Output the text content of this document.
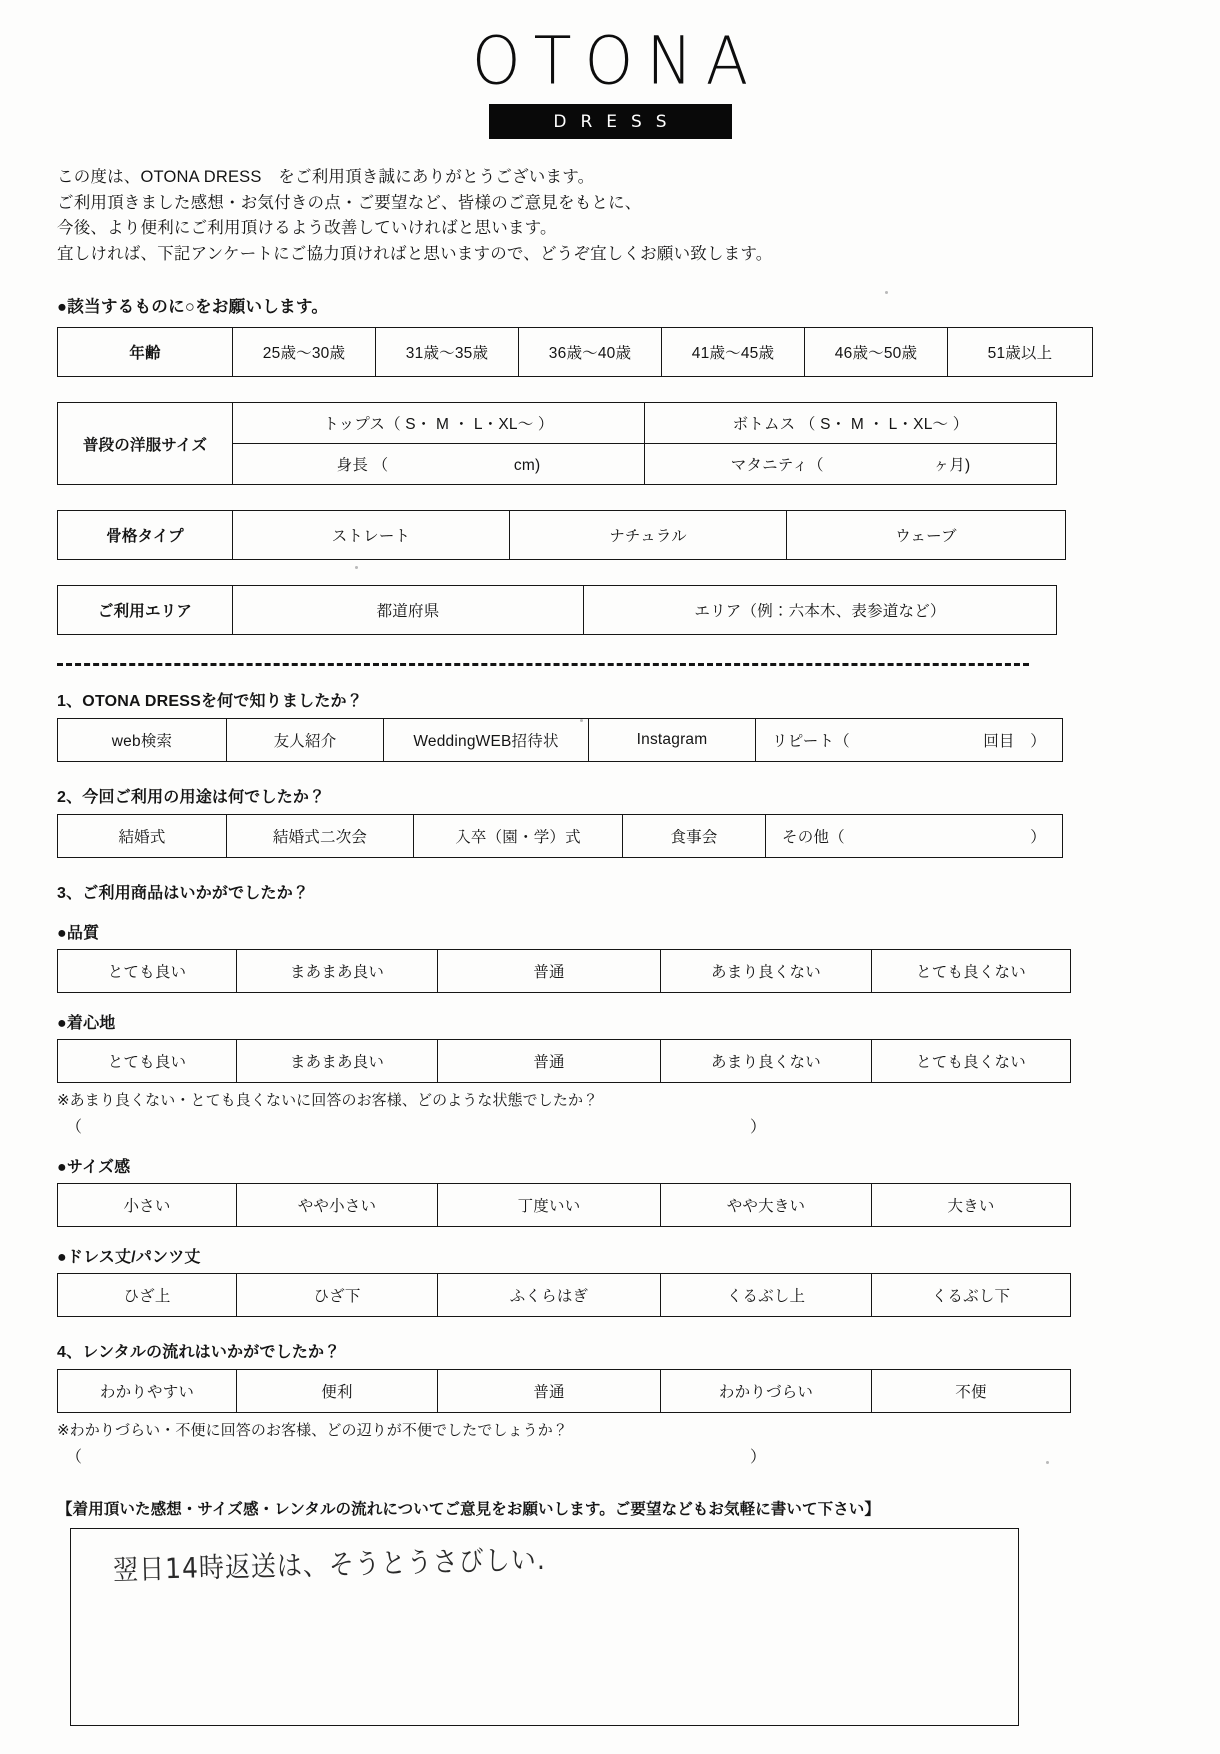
OTONA
DRESS
この度は、OTONA DRESS　をご利用頂き誠にありがとうございます。
ご利用頂きました感想・お気付きの点・ご要望など、皆様のご意見をもとに、
今後、より便利にご利用頂けるよう改善していければと思います。
宜しければ、下記アンケートにご協力頂ければと思いますので、どうぞ宜しくお願い致します。
●該当するものに○をお願いします。
年齢	25歳〜30歳	31歳〜35歳	36歳〜40歳	41歳〜45歳	46歳〜50歳	51歳以上
普段の洋服サイズ	トップス（ S・ M ・ L・XL〜 ）	ボトムス （ S・ M ・ L・XL〜 ）
	身長 （　　　　　　　　cm)	マタニティ（　　　　　　　ヶ月)
骨格タイプ	ストレート	ナチュラル	ウェーブ
ご利用エリア	都道府県	エリア（例：六本木、表参道など）
1、OTONA DRESSを何で知りましたか？
web検索	友人紹介	WeddingWEB招待状	Instagram	リピート（	回目　）
2、今回ご利用の用途は何でしたか？
結婚式	結婚式二次会	入卒（園・学）式	食事会	その他（	）
3、ご利用商品はいかがでしたか？
●品質
とても良い	まあまあ良い	普通	あまり良くない	とても良くない
●着心地
とても良い	まあまあ良い	普通	あまり良くない	とても良くない
※あまり良くない・とても良くないに回答のお客様、どのような状態でしたか？
（	）
●サイズ感
小さい	やや小さい	丁度いい	やや大きい	大きい
●ドレス丈/パンツ丈
ひざ上	ひざ下	ふくらはぎ	くるぶし上	くるぶし下
4、レンタルの流れはいかがでしたか？
わかりやすい	便利	普通	わかりづらい	不便
※わかりづらい・不便に回答のお客様、どの辺りが不便でしたでしょうか？
（	）
【着用頂いた感想・サイズ感・レンタルの流れについてご意見をお願いします。ご要望などもお気軽に書いて下さい】
翌日14時返送は、そうとうさびしい.
